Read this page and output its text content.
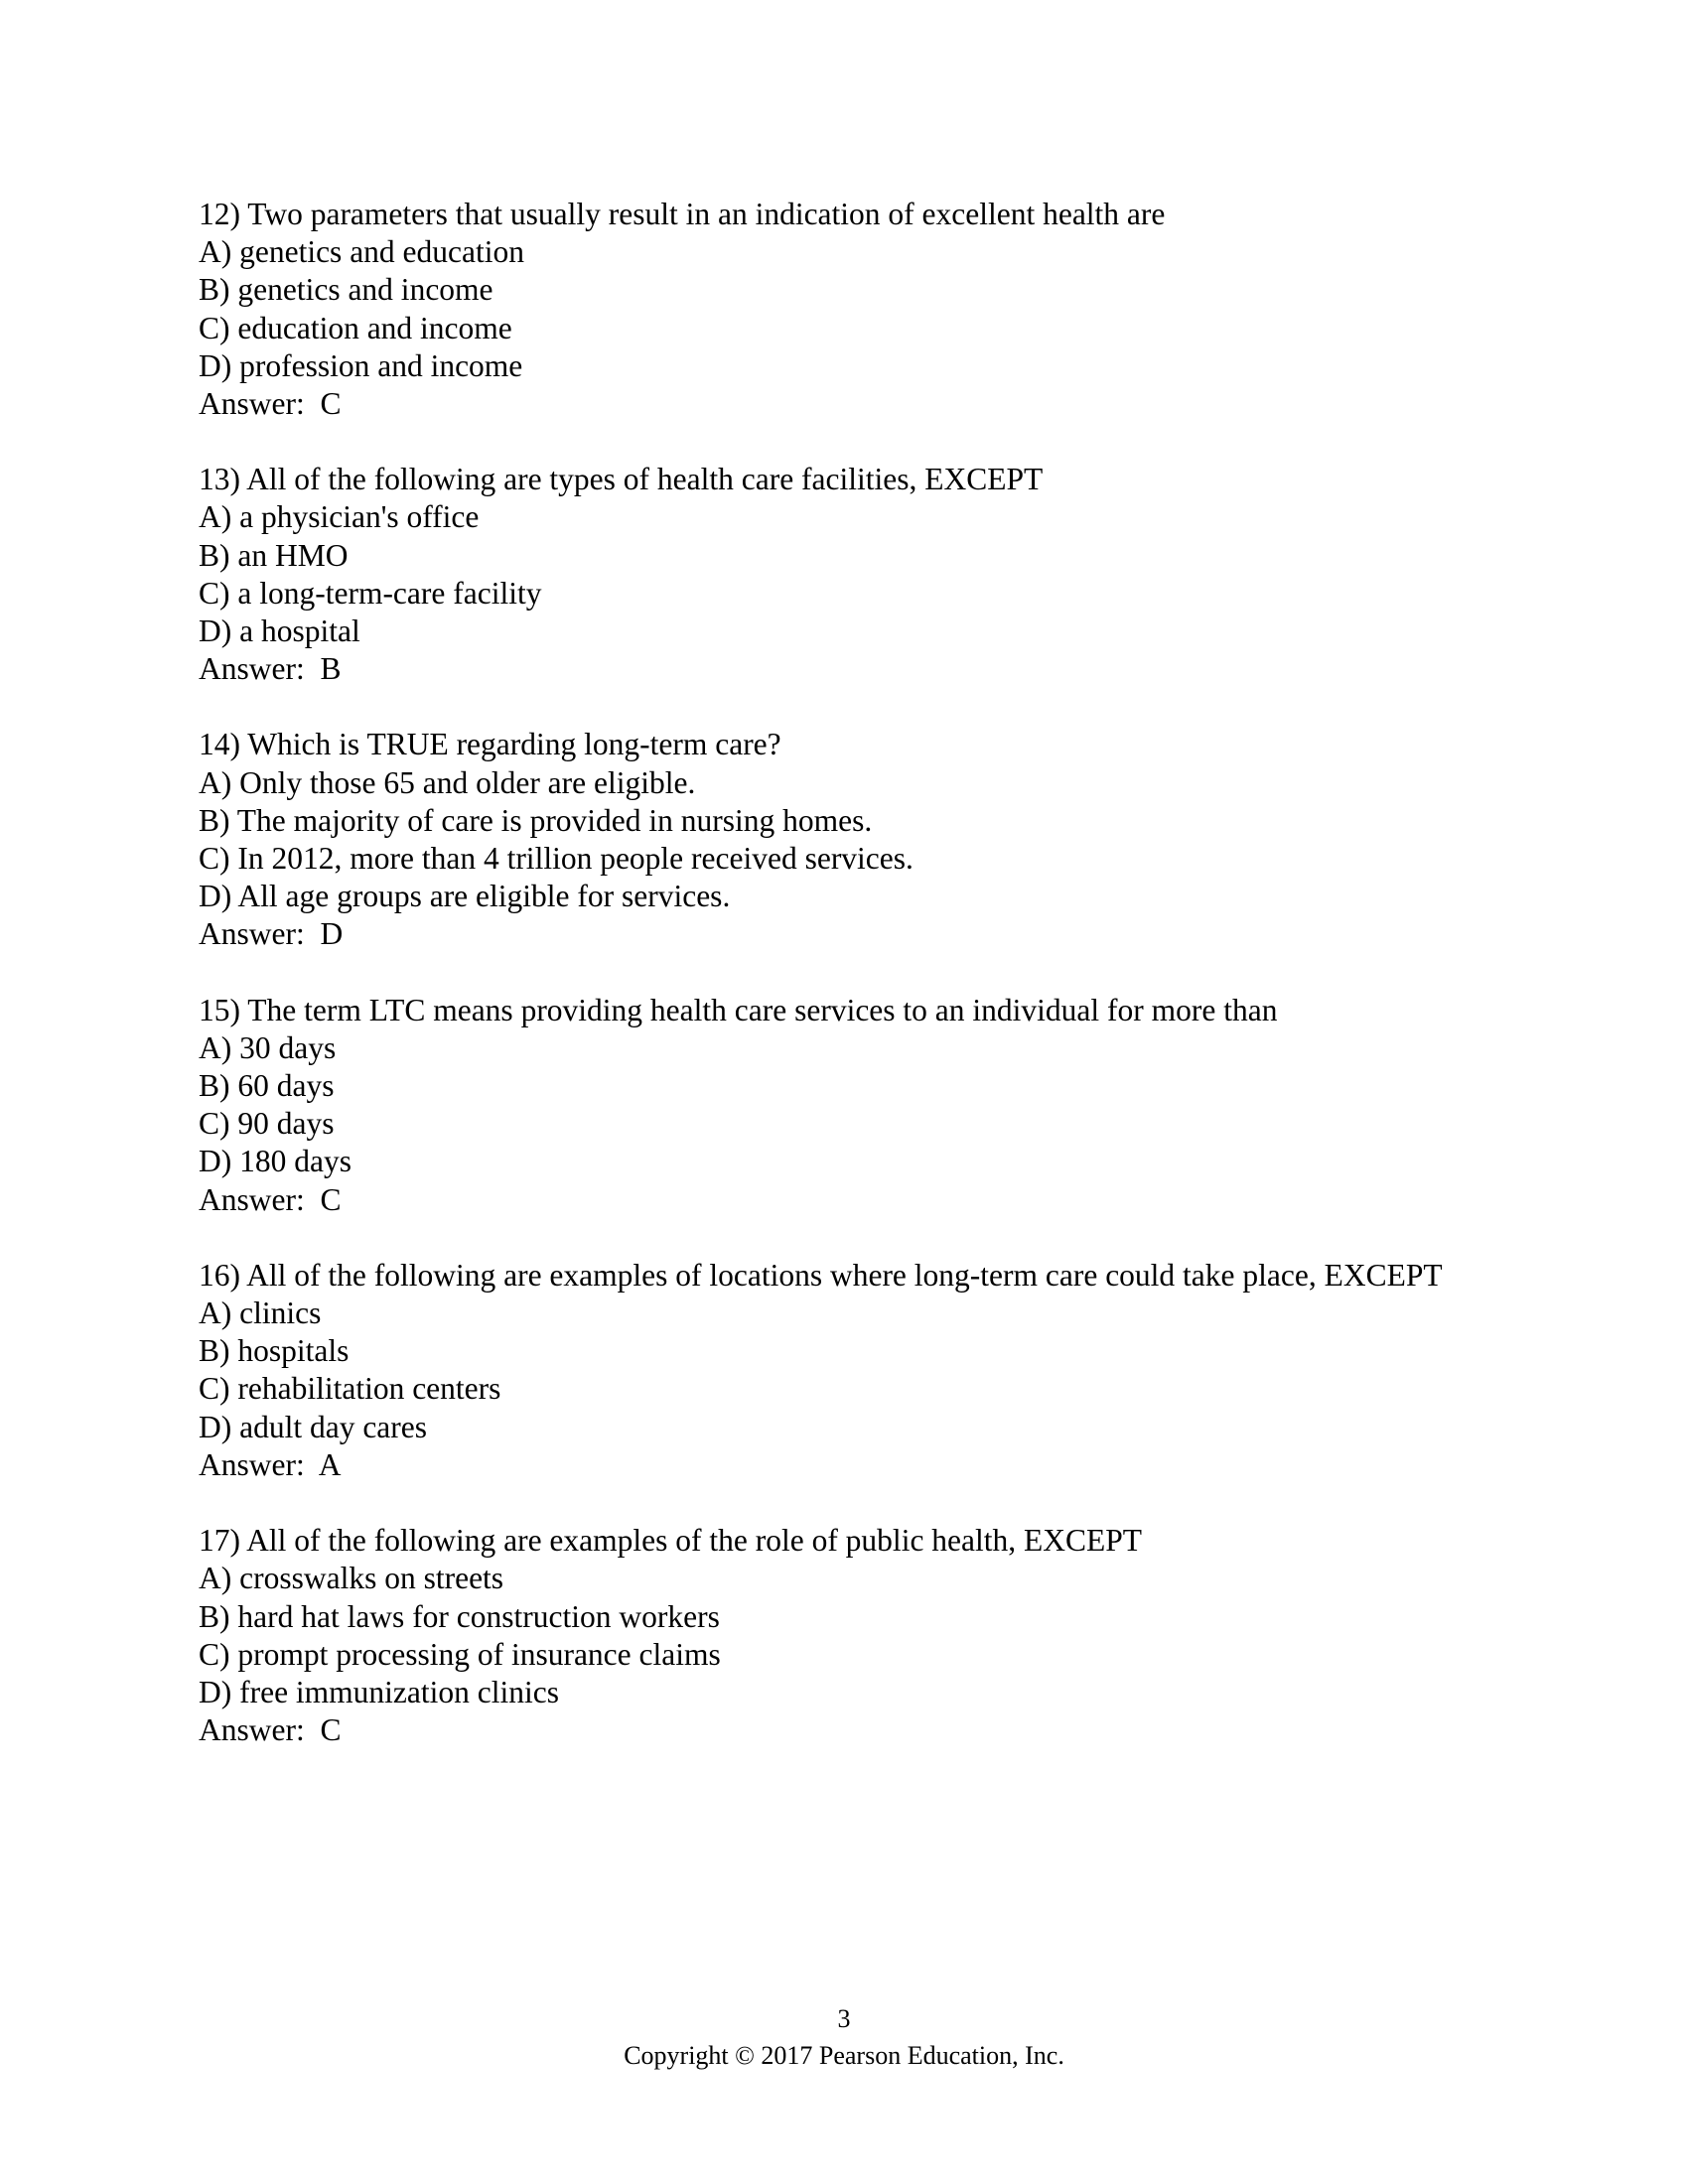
12) Two parameters that usually result in an indication of excellent health are
A) genetics and education
B) genetics and income
C) education and income
D) profession and income
Answer:  C
13) All of the following are types of health care facilities, EXCEPT
A) a physician's office
B) an HMO
C) a long-term-care facility
D) a hospital
Answer:  B
14) Which is TRUE regarding long-term care?
A) Only those 65 and older are eligible.
B) The majority of care is provided in nursing homes.
C) In 2012, more than 4 trillion people received services.
D) All age groups are eligible for services.
Answer:  D
15) The term LTC means providing health care services to an individual for more than
A) 30 days
B) 60 days
C) 90 days
D) 180 days
Answer:  C
16) All of the following are examples of locations where long-term care could take place, EXCEPT
A) clinics
B) hospitals
C) rehabilitation centers
D) adult day cares
Answer:  A
17) All of the following are examples of the role of public health, EXCEPT
A) crosswalks on streets
B) hard hat laws for construction workers
C) prompt processing of insurance claims
D) free immunization clinics
Answer:  C
3
Copyright © 2017 Pearson Education, Inc.
